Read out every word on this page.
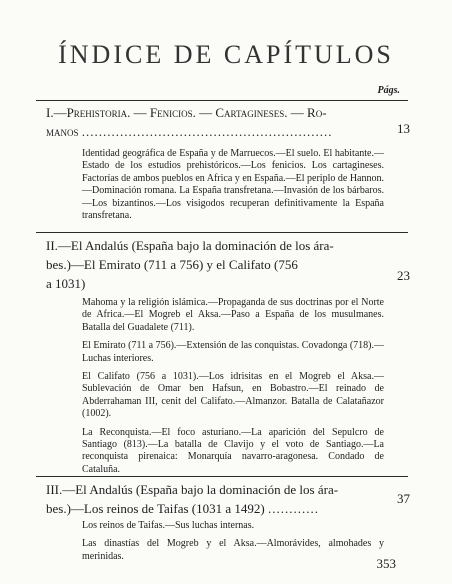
ÍNDICE DE CAPÍTULOS
Págs.
I.—Prehistoria. — Fenicios. — Cartagineses. — Ro-
manos ...........................................................	13

Identidad geográfica de España y de Marruecos.—El suelo. El habitante.—Estado de los estudios prehistóricos.—Los fenicios. Los cartagineses. Factorías de ambos pueblos en Africa y en España.—El periplo de Hannon.—Dominación romana. La España transfretana.—Invasión de los bárbaros.—Los bizantinos.—Los visigodos recuperan definitivamente la España transfretana.

II.—El Andalús (España bajo la dominación de los ára-
bes.)—El Emirato (711 a 756) y el Califato (756
a 1031)
23

Mahoma y la religión islámica.—Propaganda de sus doctrinas por el Norte de Africa.—El Mogreb el Aksa.—Paso a España de los musulmanes. Batalla del Guadalete (711).

El Emirato (711 a 756).—Extensión de las conquistas. Covadonga (718).—Luchas interiores.

El Califato (756 a 1031).—Los idrisitas en el Mogreb el Aksa.—Sublevación de Omar ben Hafsun, en Bobastro.—El reinado de Abderrahaman III, cenit del Califato.—Almanzor. Batalla de Calatañazor (1002).

La Reconquista.—El foco asturiano.—La aparición del Sepulcro de Santiago (813).—La batalla de Clavijo y el voto de Santiago.—La reconquista pirenaica: Monarquía navarro-aragonesa. Condado de Cataluña.

III.—El Andalús (España bajo la dominación de los ára-
bes.)—Los reinos de Taifas (1031 a 1492) ............
37

Los reinos de Taifas.—Sus luchas internas.

Las dinastías del Mogreb y el Aksa.—Almorávides, almohades y merinidas.	353
